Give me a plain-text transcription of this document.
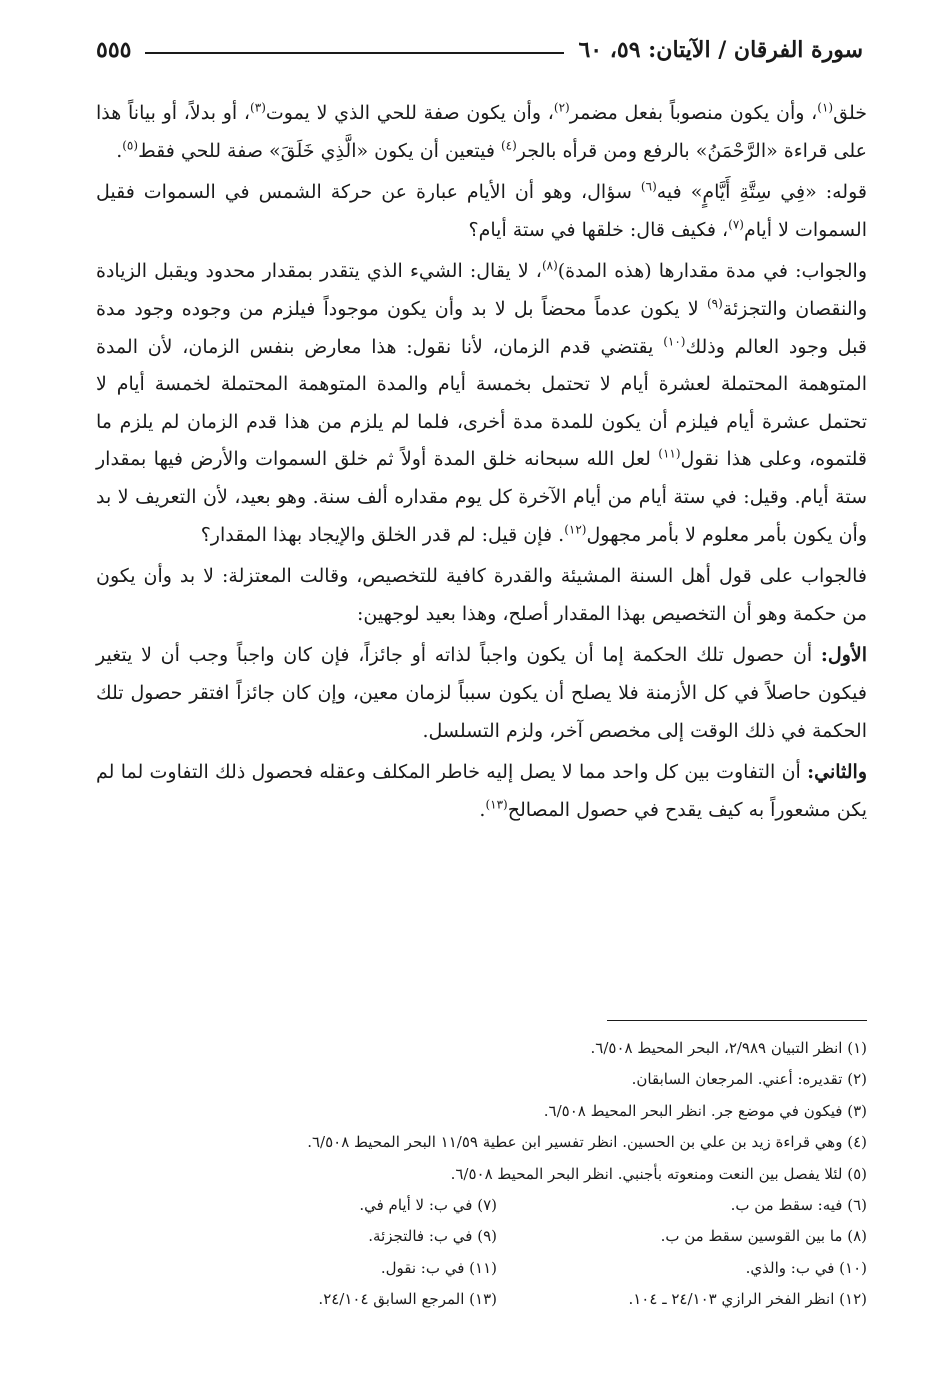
سورة الفرقان / الآيتان: ٥٩، ٦٠
٥٥٥

خلق$^{(١)}$، وأن يكون منصوباً بفعل مضمر$^{(٢)}$، وأن يكون صفة للحي الذي لا يموت$^{(٣)}$، أو بدلاً، أو بياناً هذا على قراءة «الرَّحْمَنُ» بالرفع ومن قرأه بالجر$^{(٤)}$ فيتعين أن يكون «الَّذِي خَلَقَ» صفة للحي فقط$^{(٥)}$.

قوله: «فِي سِتَّةِ أَيَّامٍ» فيه$^{(٦)}$ سؤال، وهو أن الأيام عبارة عن حركة الشمس في السموات فقيل السموات لا أيام$^{(٧)}$، فكيف قال: خلقها في ستة أيام؟

والجواب: في مدة مقدارها (هذه المدة)$^{(٨)}$، لا يقال: الشيء الذي يتقدر بمقدار محدود ويقبل الزيادة والنقصان والتجزئة$^{(٩)}$ لا يكون عدماً محضاً بل لا بد وأن يكون موجوداً فيلزم من وجوده وجود مدة قبل وجود العالم وذلك$^{(١٠)}$ يقتضي قدم الزمان، لأنا نقول: هذا معارض بنفس الزمان، لأن المدة المتوهمة المحتملة لعشرة أيام لا تحتمل بخمسة أيام والمدة المتوهمة المحتملة لخمسة أيام لا تحتمل عشرة أيام فيلزم أن يكون للمدة مدة أخرى، فلما لم يلزم من هذا قدم الزمان لم يلزم ما قلتموه، وعلى هذا نقول$^{(١١)}$ لعل الله سبحانه خلق المدة أولاً ثم خلق السموات والأرض فيها بمقدار ستة أيام. وقيل: في ستة أيام من أيام الآخرة كل يوم مقداره ألف سنة. وهو بعيد، لأن التعريف لا بد وأن يكون بأمر معلوم لا بأمر مجهول$^{(١٢)}$. فإن قيل: لم قدر الخلق والإيجاد بهذا المقدار؟

فالجواب على قول أهل السنة المشيئة والقدرة كافية للتخصيص، وقالت المعتزلة: لا بد وأن يكون من حكمة وهو أن التخصيص بهذا المقدار أصلح، وهذا بعيد لوجهين:

الأول: أن حصول تلك الحكمة إما أن يكون واجباً لذاته أو جائزاً، فإن كان واجباً وجب أن لا يتغير فيكون حاصلاً في كل الأزمنة فلا يصلح أن يكون سبباً لزمان معين، وإن كان جائزاً افتقر حصول تلك الحكمة في ذلك الوقت إلى مخصص آخر، ولزم التسلسل.

والثاني: أن التفاوت بين كل واحد مما لا يصل إليه خاطر المكلف وعقله فحصول ذلك التفاوت لما لم يكن مشعوراً به كيف يقدح في حصول المصالح$^{(١٣)}$.

(١) انظر التبيان ٢/٩٨٩، البحر المحيط ٦/٥٠٨.
(٢) تقديره: أعني. المرجعان السابقان.
(٣) فيكون في موضع جر. انظر البحر المحيط ٦/٥٠٨.
(٤) وهي قراءة زيد بن علي بن الحسين. انظر تفسير ابن عطية ١١/٥٩ البحر المحيط ٦/٥٠٨.
(٥) لئلا يفصل بين النعت ومنعوته بأجنبي. انظر البحر المحيط ٦/٥٠٨.
(٦) فيه: سقط من ب.
(٧) في ب: لا أيام في.
(٨) ما بين القوسين سقط من ب.
(٩) في ب: فالتجزئة.
(١٠) في ب: والذي.
(١١) في ب: نقول.
(١٢) انظر الفخر الرازي ٢٤/١٠٣ ـ ١٠٤.
(١٣) المرجع السابق ٢٤/١٠٤.
